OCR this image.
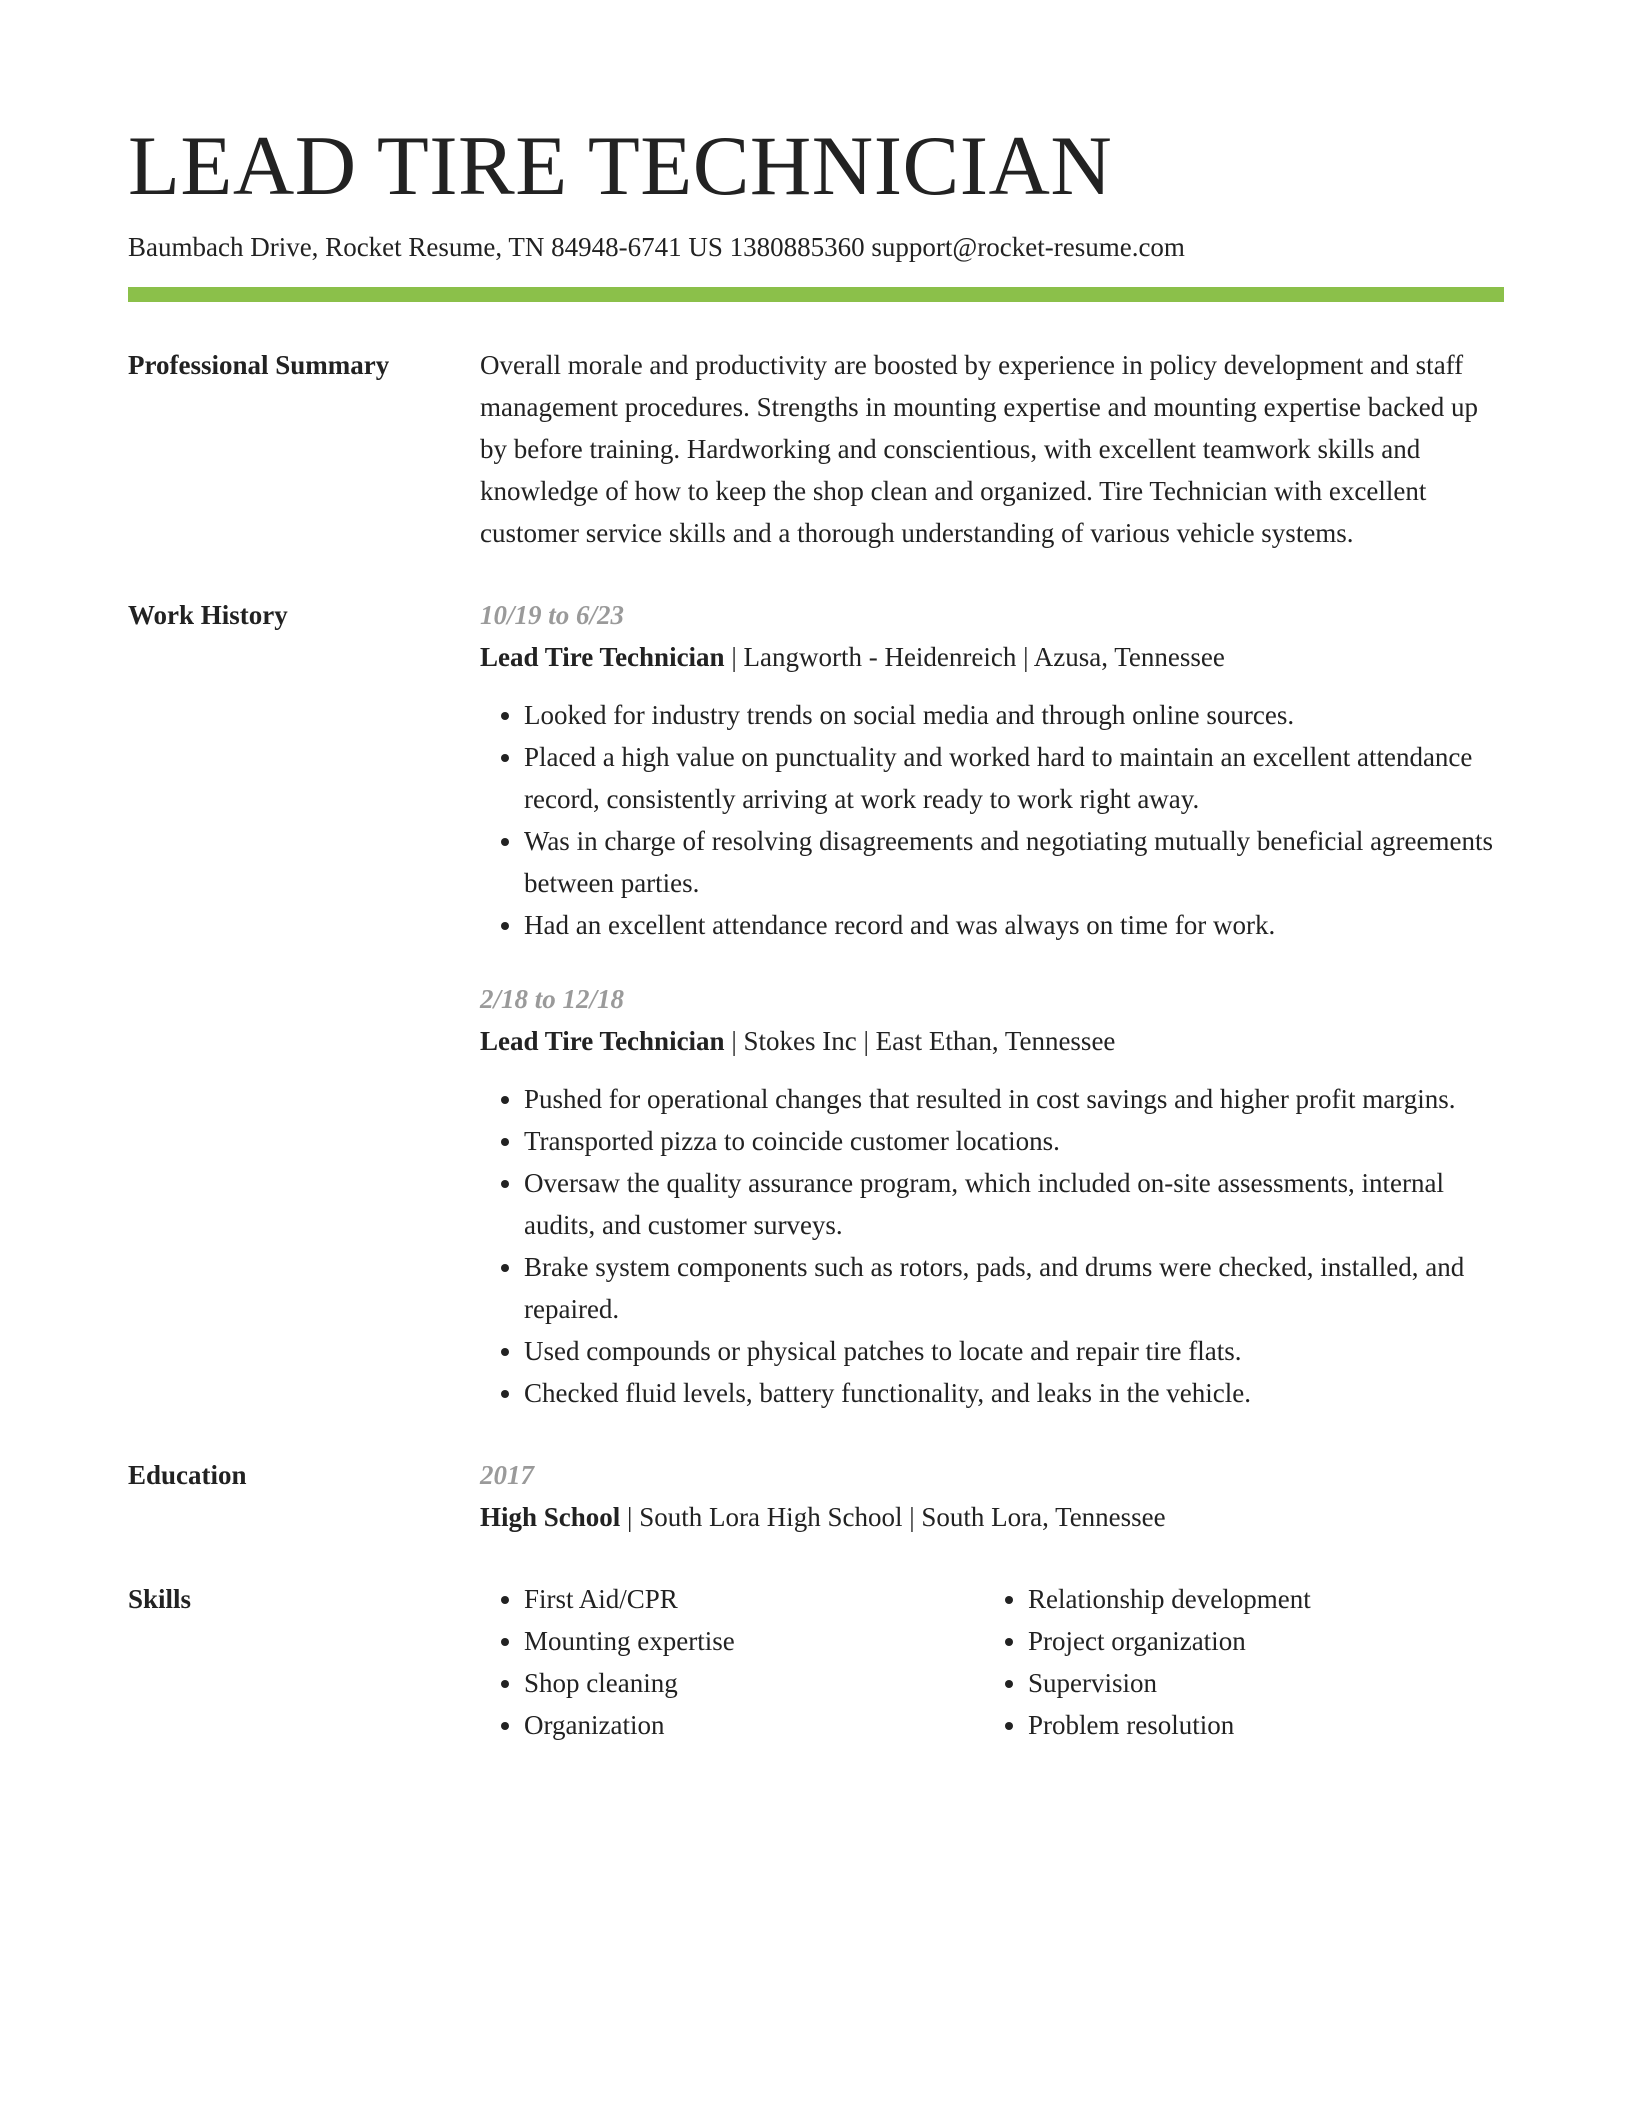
LEAD TIRE TECHNICIAN
Baumbach Drive, Rocket Resume, TN 84948-6741 US 1380885360 support@rocket-resume.com
Professional Summary	Overall morale and productivity are boosted by experience in policy development and staff management procedures. Strengths in mounting expertise and mounting expertise backed up by before training. Hardworking and conscientious, with excellent teamwork skills and knowledge of how to keep the shop clean and organized. Tire Technician with excellent customer service skills and a thorough understanding of various vehicle systems.

Work History	10/19 to 6/23
Lead Tire Technician | Langworth - Heidenreich | Azusa, Tennessee
• Looked for industry trends on social media and through online sources.
• Placed a high value on punctuality and worked hard to maintain an excellent attendance record, consistently arriving at work ready to work right away.
• Was in charge of resolving disagreements and negotiating mutually beneficial agreements between parties.
• Had an excellent attendance record and was always on time for work.
2/18 to 12/18
Lead Tire Technician | Stokes Inc | East Ethan, Tennessee
• Pushed for operational changes that resulted in cost savings and higher profit margins.
• Transported pizza to coincide customer locations.
• Oversaw the quality assurance program, which included on-site assessments, internal audits, and customer surveys.
• Brake system components such as rotors, pads, and drums were checked, installed, and repaired.
• Used compounds or physical patches to locate and repair tire flats.
• Checked fluid levels, battery functionality, and leaks in the vehicle.
Education	2017
High School | South Lora High School | South Lora, Tennessee
Skills
•	First Aid/CPR
• Mounting expertise
• Shop cleaning
• Organization
• Relationship development
• Project organization
• Supervision
• Problem resolution
